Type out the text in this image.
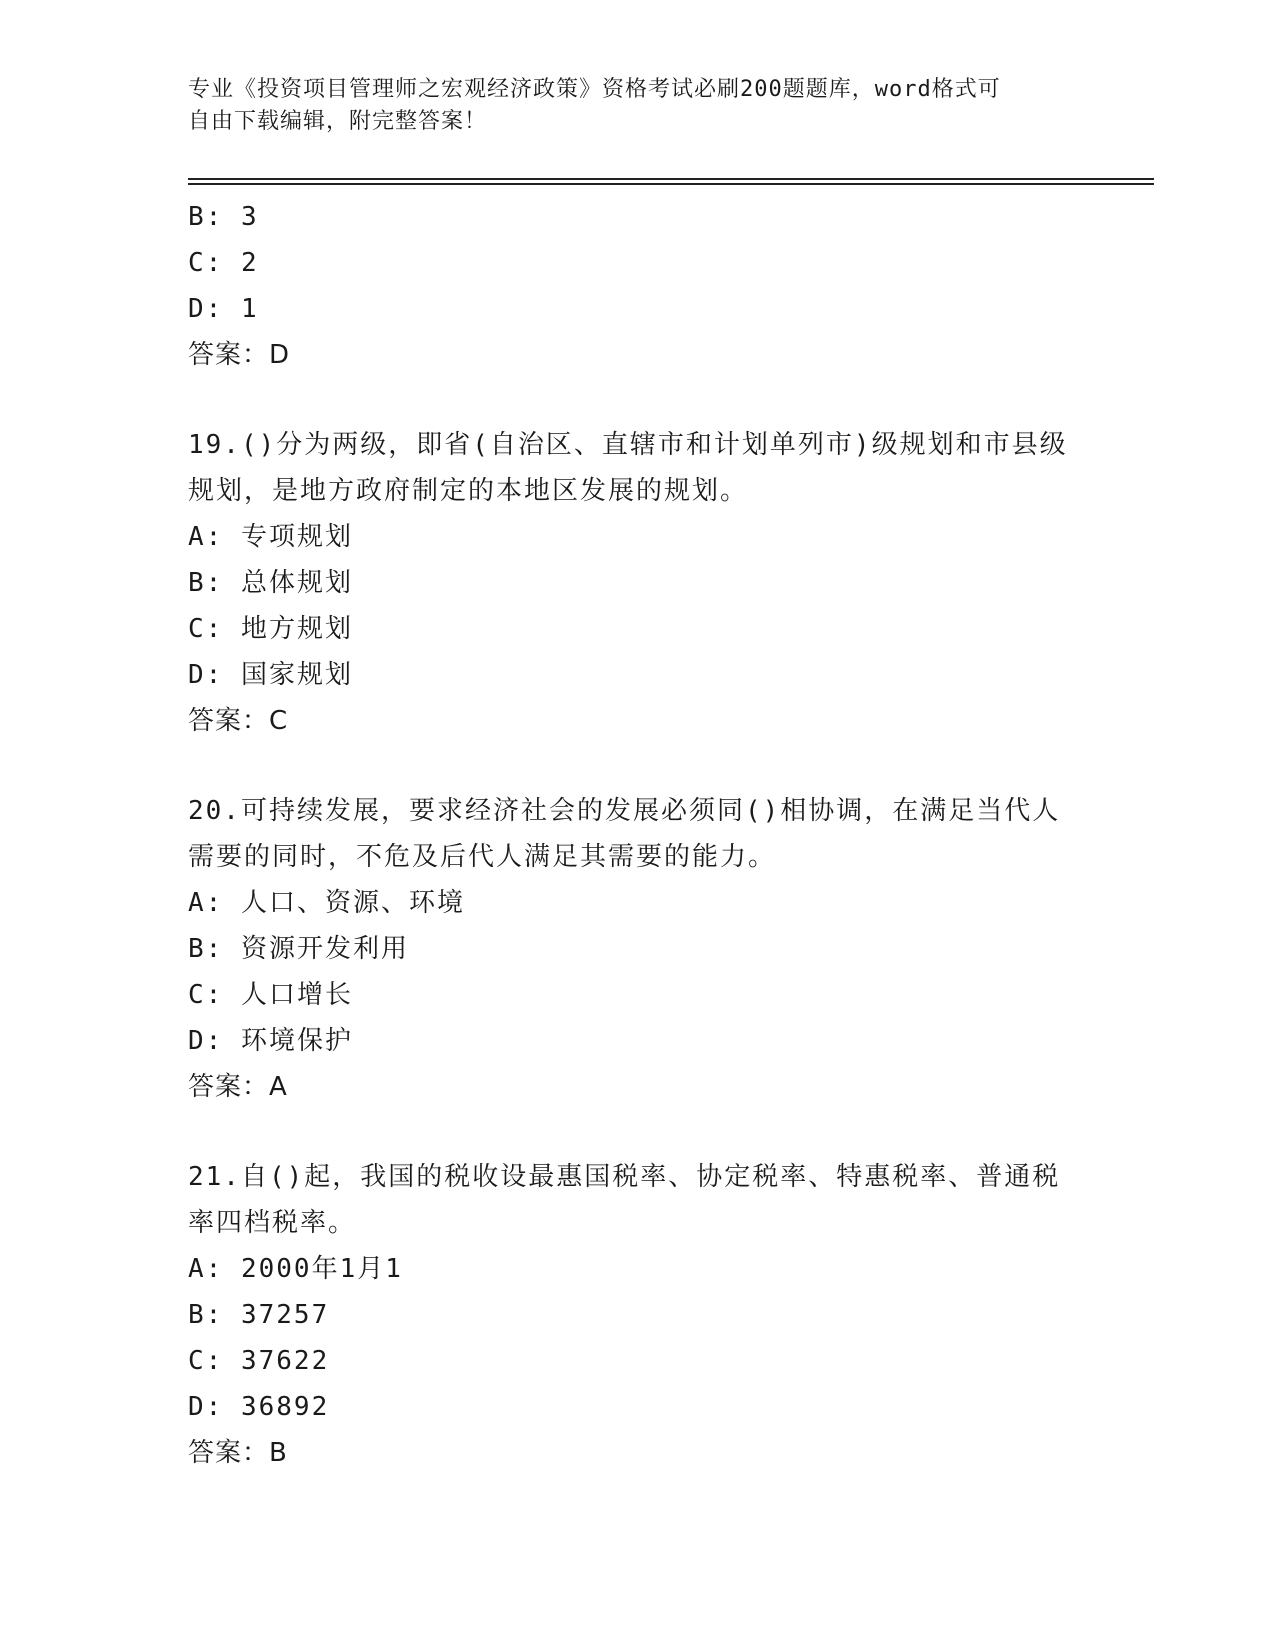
专业《投资项目管理师之宏观经济政策》资格考试必刷200题题库，word格式可
自由下载编辑，附完整答案！
B: 3
C: 2
D: 1
答案：D
19.()分为两级，即省(自治区、直辖市和计划单列市)级规划和市县级
规划，是地方政府制定的本地区发展的规划。
A: 专项规划
B: 总体规划
C: 地方规划
D: 国家规划
答案：C
20.可持续发展，要求经济社会的发展必须同()相协调，在满足当代人
需要的同时，不危及后代人满足其需要的能力。
A: 人口、资源、环境
B: 资源开发利用
C: 人口增长
D: 环境保护
答案：A
21.自()起，我国的税收设最惠国税率、协定税率、特惠税率、普通税
率四档税率。
A: 2000年1月1
B: 37257
C: 37622
D: 36892
答案：B
